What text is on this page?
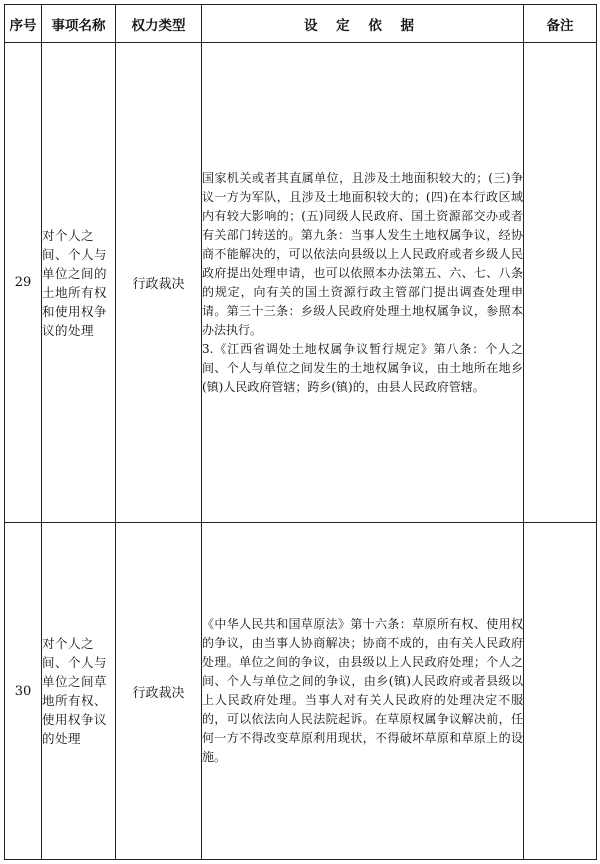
序号	事项名称	权力类型	设 定 依 据	备注
29	对个人之间、个人与单位之间的土地所有权和使用权争议的处理	行政裁决	国家机关或者其直属单位，且涉及土地面积较大的；(三)争议一方为军队，且涉及土地面积较大的；(四)在本行政区域内有较大影响的；(五)同级人民政府、国土资源部交办或者有关部门转送的。第九条：当事人发生土地权属争议，经协商不能解决的，可以依法向县级以上人民政府或者乡级人民政府提出处理申请，也可以依照本办法第五、六、七、八条的规定，向有关的国土资源行政主管部门提出调查处理申请。第三十三条：乡级人民政府处理土地权属争议，参照本办法执行。

3.《江西省调处土地权属争议暂行规定》第八条：个人之间、个人与单位之间发生的土地权属争议，由土地所在地乡(镇)人民政府管辖；跨乡(镇)的，由县人民政府管辖。	

30	对个人之间、个人与单位之间草地所有权、使用权争议的处理	行政裁决	《中华人民共和国草原法》第十六条：草原所有权、使用权的争议，由当事人协商解决；协商不成的，由有关人民政府处理。单位之间的争议，由县级以上人民政府处理；个人之间、个人与单位之间的争议，由乡(镇)人民政府或者县级以上人民政府处理。当事人对有关人民政府的处理决定不服的，可以依法向人民法院起诉。在草原权属争议解决前，任何一方不得改变草原利用现状，不得破坏草原和草原上的设施。	
